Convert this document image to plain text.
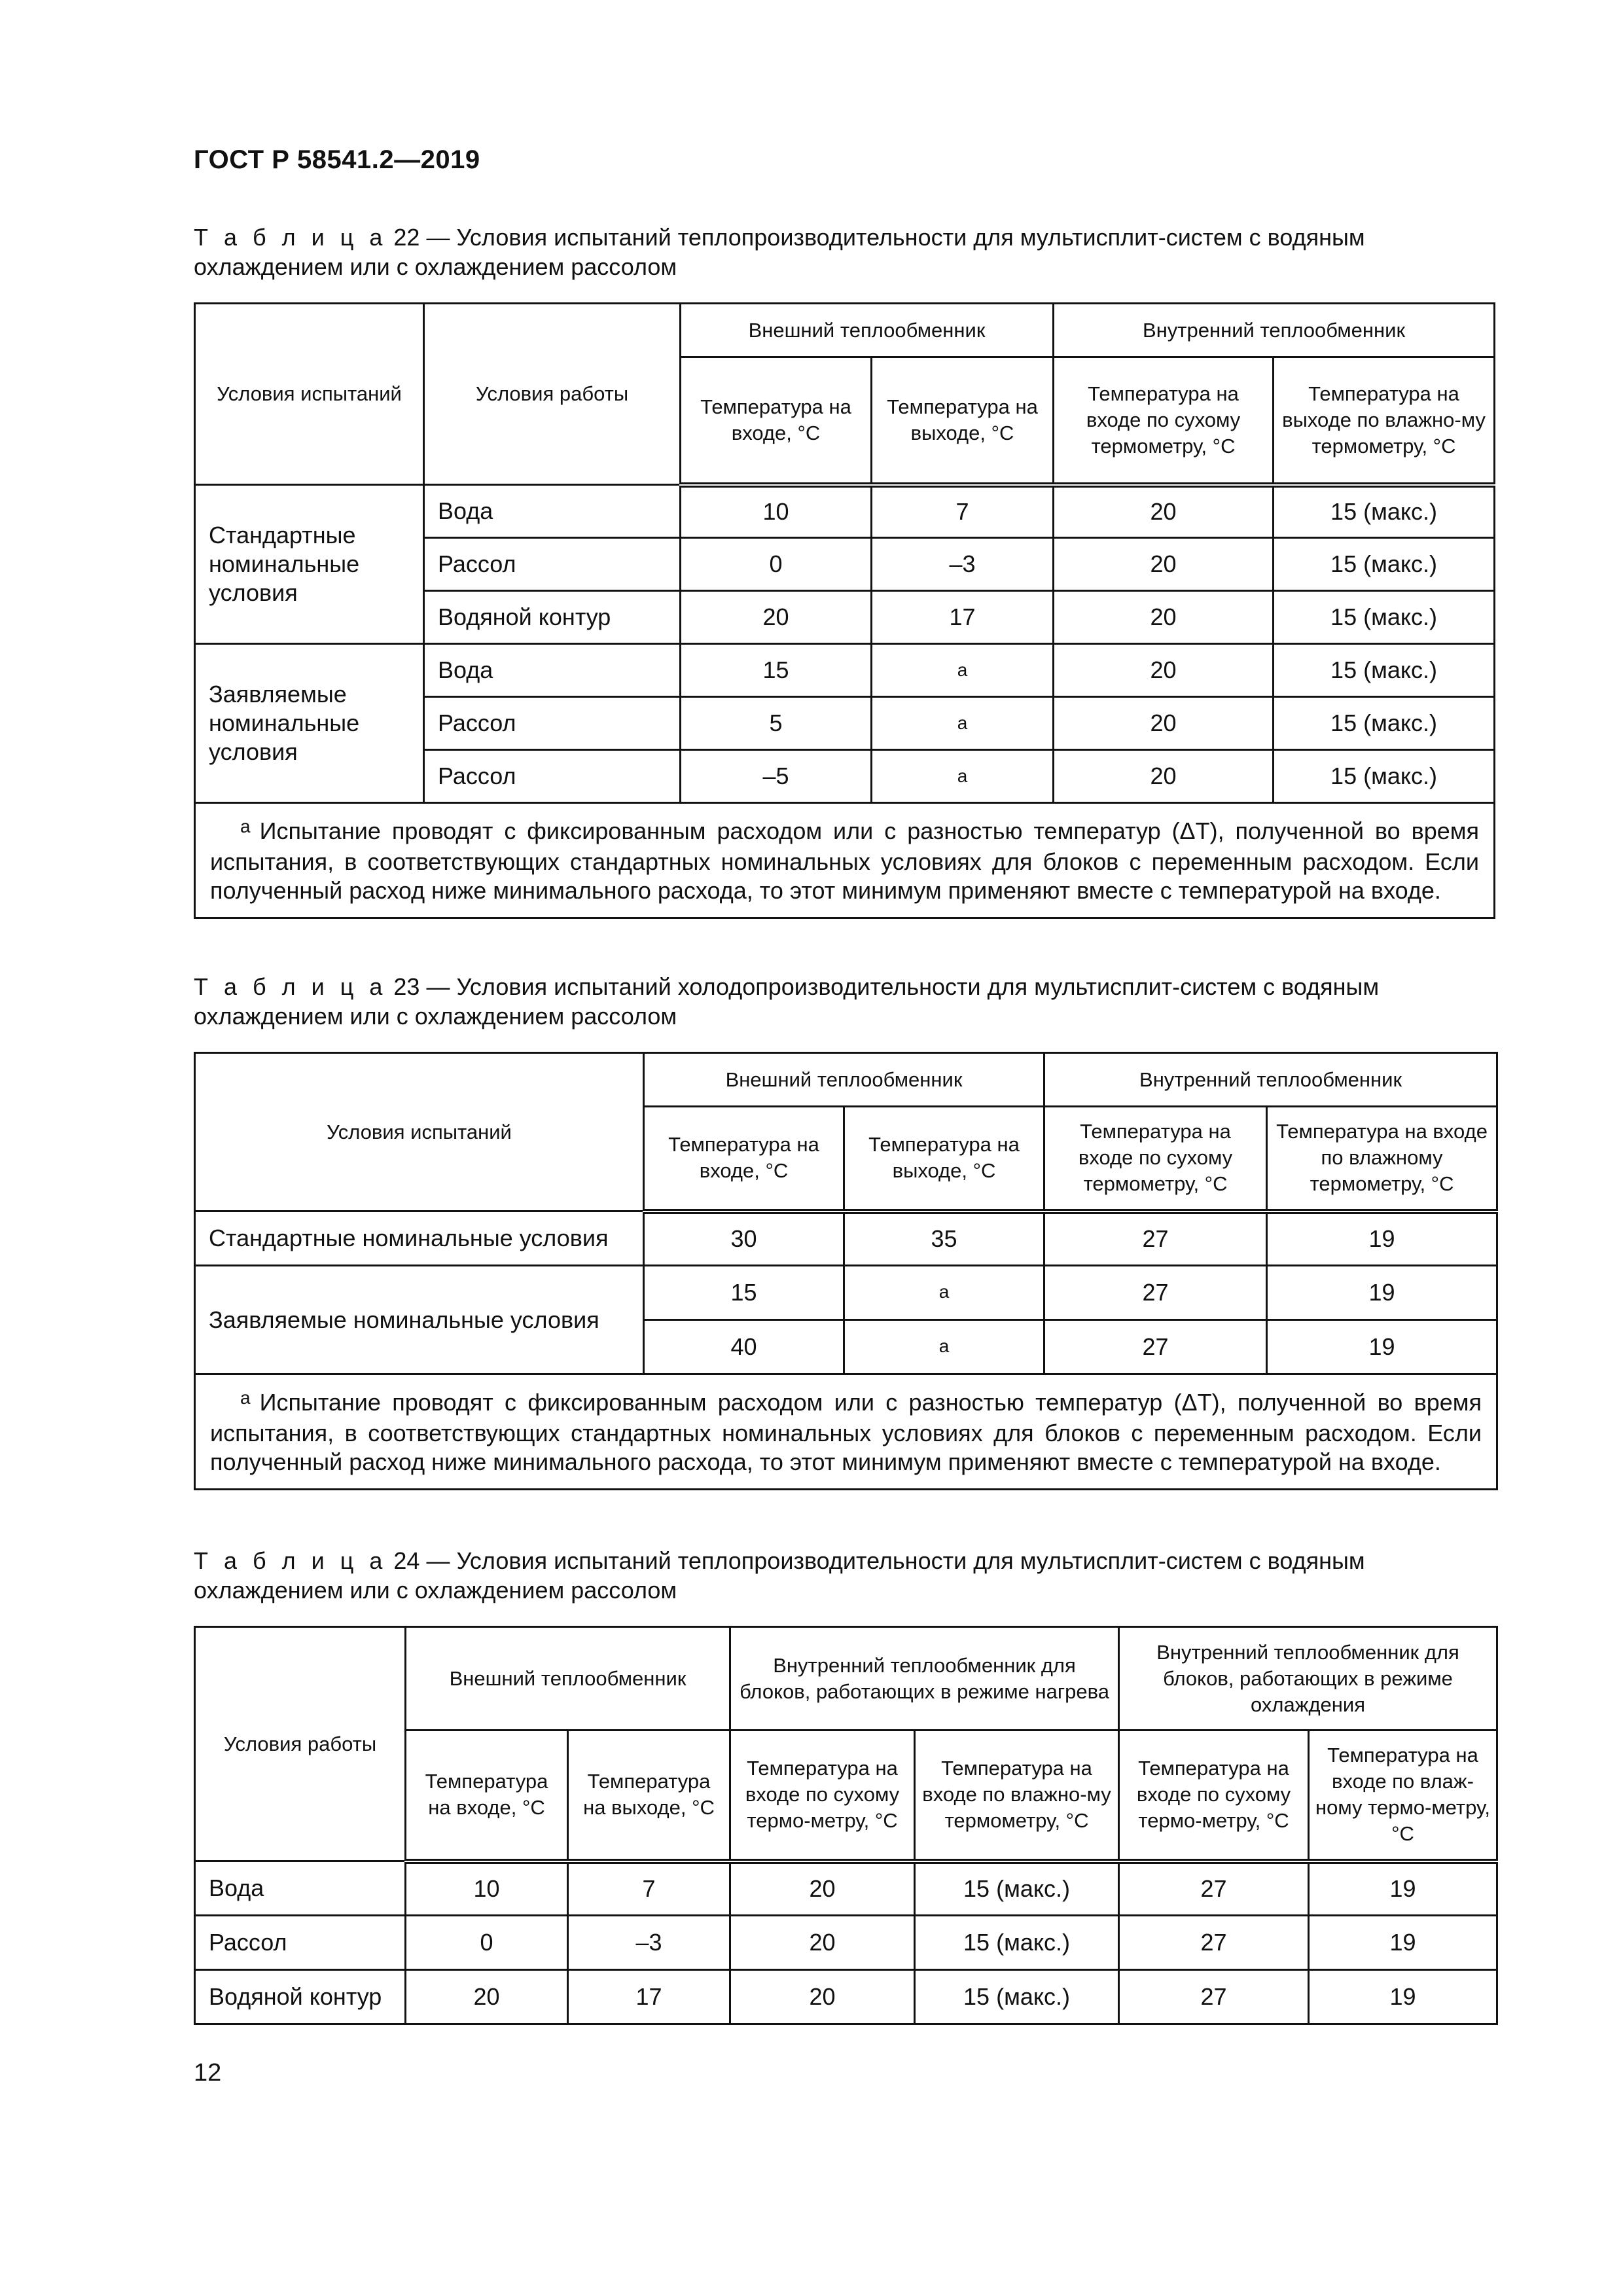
ГОСТ Р 58541.2—2019
Т а б л и ц а 22 — Условия испытаний теплопроизводительности для мультисплит-систем с водяным охлаждением или с охлаждением рассолом
Условия испытаний	Условия работы	Внешний теплообменник		Внутренний теплообменник	
		Температура на входе, °С	Температура на выходе, °С	Температура на входе по сухому термометру, °С	Температура на выходе по влажно-му термометру, °С
Стандартные номинальные условия	Вода	10	7	20	15 (макс.)
	Рассол	0	–3	20	15 (макс.)
	Водяной контур	20	17	20	15 (макс.)
Заявляемые номинальные условия	Вода	15	а	20	15 (макс.)
	Рассол	5	а	20	15 (макс.)
	Рассол	–5	а	20	15 (макс.)
$^а$ Испытание проводят с фиксированным расходом или с разностью температур (ΔT), полученной во время испытания, в соответствующих стандартных номинальных условиях для блоков с переменным расходом. Если полученный расход ниже минимального расхода, то этот минимум применяют вместе с температурой на входе.					
Т а б л и ц а 23 — Условия испытаний холодопроизводительности для мультисплит-систем с водяным охлаждением или с охлаждением рассолом
Условия испытаний	Внешний теплообменник		Внутренний теплообменник	
	Температура на входе, °С	Температура на выходе, °С	Температура на входе по сухому термометру, °С	Температура на входе по влажному термометру, °С
Стандартные номинальные условия	30	35	27	19
Заявляемые номинальные условия	15	а	27	19
	40	а	27	19
$^а$ Испытание проводят с фиксированным расходом или с разностью температур (ΔT), полученной во время испытания, в соответствующих стандартных номинальных условиях для блоков с переменным расходом. Если полученный расход ниже минимального расхода, то этот минимум применяют вместе с температурой на входе.				
Т а б л и ц а 24 — Условия испытаний теплопроизводительности для мультисплит-систем с водяным охлаждением или с охлаждением рассолом
Условия работы	Внешний теплообменник		Внутренний теплообменник для блоков, работающих в режиме нагрева		Внутренний теплообменник для блоков, работающих в режиме охлаждения	
	Температура на входе, °С	Температура на выходе, °С	Температура на входе по сухому термо-метру, °С	Температура на входе по влажно-му термометру, °С	Температура на входе по сухому термо-метру, °С	Температура на входе по влаж-ному термо-метру, °С
Вода	10	7	20	15 (макс.)	27	19
Рассол	0	–3	20	15 (макс.)	27	19
Водяной контур	20	17	20	15 (макс.)	27	19
12
